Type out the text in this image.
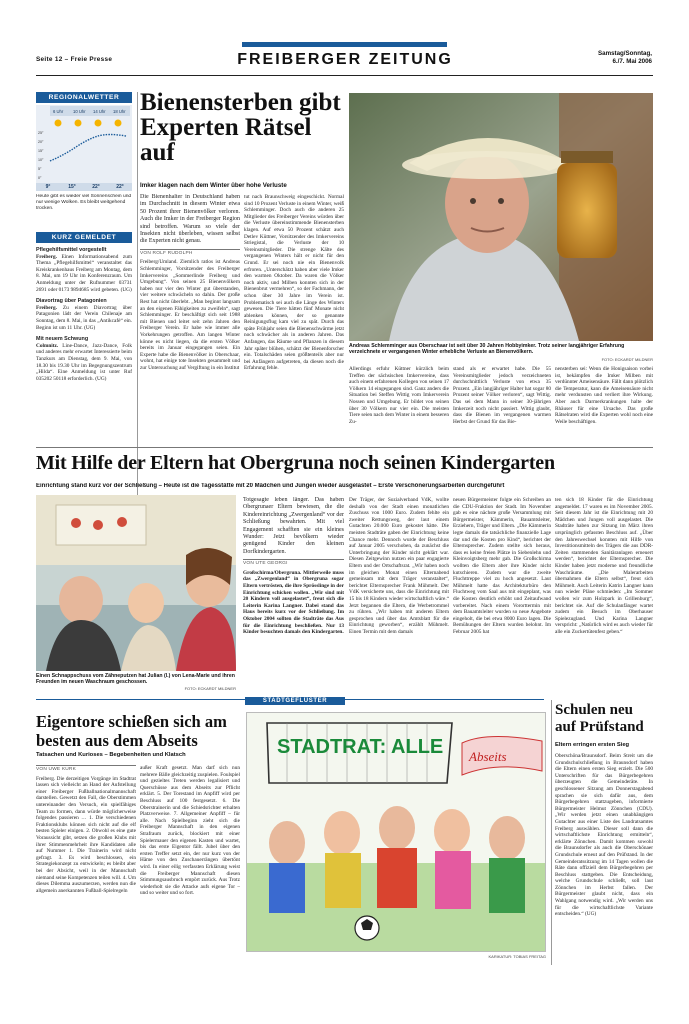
Seite 12 – Freie Presse	FREIBERGER ZEITUNG	Samstag/Sonntag,
6./7. Mai 2006
REGIONALWETTER
6 Uhr 10 Uhr 14 Uhr 18 Uhr
25°
20°
15°
10°
5°
0°
9°	15°	22°	22°
Heute gibt es wieder viel Sonnenschein und nur wenige Wolken. Es bleibt weitgehend trocken.
KURZ GEMELDET

Pflegehilfsmittel vorgestellt
Freiberg. Einen Informationsabend zum Thema „Pflegehilfsmittel“ veranstaltet das Kreiskrankenhaus Freiberg am Montag, dem 8. Mai, um 19 Uhr im Konferenzraum. Um Anmeldung unter der Rufnummer 03731 2691 oder 0173 9894685 wird gebeten. (UG)

Diavortrag über Patagonien
Freiberg. Zu einem Diavortrag über Patagonien lädt der Verein Chilenaje am Sonntag, dem 8. Mai, in das „Antikcafé“ ein. Beginn ist um 11 Uhr. (UG)

Mit neuem Schwung
Colmnitz. Line-Dance, Jazz-Dance, Folk und anderes mehr erwartet Interessierte beim Tanzkurs am Dienstag, dem 9. Mai, von 18.30 bis 19.30 Uhr im Begegnungszentrum „Hilda“. Eine Anmeldung ist unter Ruf 035202 50118 erforderlich. (UG)

Bienensterben gibt Experten Rätsel auf
Imker klagen nach dem Winter über hohe Verluste

Die Bienenhalter in Deutschland haben im Durchschnitt in diesem Winter etwa 50 Prozent ihrer Bienenvölker verloren. Auch die Imker in der Freiberger Region sind betroffen. Warum so viele der Insekten nicht überleben, wissen selbst die Experten nicht genau.

VON ROLF RUDOLPH

Freiberg/Umland. Ziemlich ratlos ist Andreas Schlemminger, Vorsitzender des Freiberger Imkervereins „Sommerlinde Freiberg und Umgebung“. Von seinen 25 Bienenvölkern haben nur vier den Winter gut überstanden, vier weitere schwächeln so dahin. Der große Rest hat nicht überlebt. „Man beginnt langsam an den eigenen Fähigkeiten zu zweifeln“, sagt Schlemminger. Er beschäftigt sich seit 1988 mit Bienen und leitet seit zehn Jahren den Freiberger Verein. Er habe wie immer alle Vorkehrungen getroffen. Am langen Winter könne es nicht liegen, da die ersten Völker bereits im Januar eingegangen seien. Ein Experte habe die Bienenvölker in Oberschaar, wohnt, hat einige tote Insekten gesammelt und zur Untersuchung auf Vergiftung in ein Institut

tut nach Braunschweig eingeschickt. Normal sind 10 Prozent Verluste in einem Winter, weiß Schlemminger. Doch auch die anderen 25 Mitglieder des Freiberger Vereins würden über die Verluste übereinstimmende Bienensterben klagen. Auf etwa 50 Prozent schätzt auch Detlev Küttner, Vorsitzender des Imkervereins Striegistal, die Verluste der 10 Vereinsmitglieder. Die strenge Kälte des vergangenen Winters hält er nicht für den Grund. Er sei noch nie ein Bienenvolk erfroren. „Unterschätzt haben aber viele Imker den warmen Oktober. Da waren die Völker noch aktiv, und Milben konnten sich in der Bienenbrut vermehren“, so der Fachmann, der schon über 30 Jahre im Verein ist. Problematisch sei auch die Länge des Winters gewesen. Die Tiere hätten fünf Monate nicht ablenken können, der so genannte Reinigungsflug kam viel zu spät. Durch das späte Frühjahr seien die Bienenschwärme jetzt noch schwächer als in anderen Jahren. Das Anfangen, das Räume und Pflanzen in diesem Jahr später blühen, schätzt der Bienenforscher ein. Totalschäden seien größtenteils aber nur bei Anfängern aufgetreten, da diesen noch die Erfahrung fehle.

Andreas Schlemminger aus Oberschaar ist seit über 30 Jahren Hobbyimker. Trotz seiner langjähriger Erfahrung verzeichnete er vergangenen Winter erhebliche Verluste an Bienenvölkern.
FOTO: ECKARDT MILDNER

Allerdings erfuhr Küttner kürzlich beim Treffen der sächsischen Imkervereine, dass auch einem erfahrenen Kollegen von seinen 17 Völkern 14 eingegangen sind. Ganz anders die Situation bei Steffen Wittig vom Imkerverein Nossen und Umgebung. Er bildet von seinen über 30 Völkern nur vier ein. Die meisten Tiere seien nach dem Winter in einem besseren Zu-

stand als er erwartet habe. Die 55 Vereinsmitglieder jedoch verzeichneten durchschnittlich Verluste von etwa 35 Prozent. „Ein langjähriger Halter hat sogar 80 Prozent seiner Völker verloren“, sagt Wittig. Das sei dem Mann in seiner 30-jährigen Imkerzeit noch nicht passiert. Wittig glaubt, dass die Bienen im vergangenen warmen Herbst der Grund für das Bie-

nensterben sei: Wenn die Honigsaison vorbei ist, bekämpfen die Imker Milben mit verdünnter Ameisensäure. Fällt dann plötzlich die Temperatur, kann die Ameisensäure nicht mehr verdunsten und verliert ihre Wirkung. Aber auch Darmerkrankungen halte der Rhäuser für eine Ursache. Das große Rätselraten wird die Experten wohl noch eine Weile beschäftigen.

Mit Hilfe der Eltern hat Obergruna noch seinen Kindergarten
Einrichtung stand kurz vor der Schließung – Heute ist die Tagesstätte mit 20 Mädchen und Jungen wieder ausgelastet – Erste Verschönerungsarbeiten durchgeführt
Einen Schnappschuss vom Zähneputzen hat Julian (l.) von Lena-Marie und ihren Freunden im neuen Waschraum geschossen.
FOTO: ECKARDT MILDNER

Totgesagte leben länger. Das haben Obergrunaer Eltern bewiesen, die die Kindereinrichtung „Zwergenland“ vor der Schließung bewahrten. Mit viel Engagement schafften sie ein kleines Wunder: Jetzt bevölkern wieder genügend Kinder den kleinen Dorfkindergarten.

VON UTE GEORGI

Großschirma/Obergruna. Mittlerweile muss das „Zwergenland“ in Obergruna sogar Eltern vertrösten, die ihre Sprösslinge in der Einrichtung schicken wollen. „Wir sind mit 20 Kindern voll ausgelastet“, freut sich die Leiterin Karina Langner. Dabei stand das Haus bereits kurz vor der Schließung. Im Oktober 2004 sollten die Stadträte das Aus für die Einrichtung beschließen. Nur 13 Kinder besuchten damals den Kindergarten.

Der Träger, der Sozialverband VdK, wollte deshalb von der Stadt einen monatlichen Zuschuss von 1000 Euro. Zudem fehlte ein zweiter Rettungsweg, der laut einem Gutachten 20.000 Euro gekostet hätte. Die meisten Stadträte gaben der Einrichtung keine Chance mehr. Dennoch wurde der Beschluss auf Januar 2005 verschoben, da zunächst die Unterbringung der Kinder nicht geklärt war. Diesen Zeitgewinn nutzen ein paar engagierte Eltern und der Ortschaftsrat. „Wir haben noch im gleichen Monat einen Elternabend gemeinsam mit dem Träger veranstaltet“, berichtet Elternsprecher Frank Mühmelt. Der VdK versicherte uns, dass die Einrichtung mit 15 bis 18 Kindern wieder wirtschaftlich wäre.“ Jetzt begannen die Eltern, die Werbetrommel zu rühren. „Wir haben mit anderen Eltern gesprochen und über das Amtsblatt für die Einrichtung geworben“, erzählt Mühmelt. Einen Termin mit dem damals

neuen Bürgermeister folgte ein Schreiben an die CDU-Fraktion der Stadt. Im November gab es eine nächste große Versammlung mit Bürgermeister, Kämmerin, Bauamtsleiter, Erziehern, Träger und Eltern. „Die Kämmerin legte damals die tatsächliche finanzielle Lage dar und die Kosten pro Kind“, berichtet der Elternsprecher. Zudem stellte sich heraus, dass es keine freien Plätze in Siebenlehn und Kleinvoigtsberg mehr gab. Die Großschirma wollten die Eltern aber ihre Kinder nicht kutschieren. Zudem war die zweite Fluchttreppe viel zu hoch angesetzt. Laut Mühmelt hatte das Architekturbüro den Fluchtweg vom Saal aus mit eingeplant, was die Kosten deutlich erhöht und Zeitaufwand vorbereitet. Nach einem Vororttermin mit dem Bauamtsleiter wurden so neue Angebote eingeholt, die bei etwa 8000 Euro lagen. Die Bemühungen der Eltern wurden belohnt. Im Februar 2005 hat

ten sich 18 Kinder für die Einrichtung angemeldet. 17 waren es im November 2005. Seit diesem Jahr ist die Einrichtung mit 20 Mädchen und Jungen voll ausgelastet. Die Stadträte haben zur Sitzung im März ihren ursprünglich gefassten Beschluss auf. „Über den Jahreswechsel konnten mit Hilfe von Investitionsmitteln des Trägers die aus DDR-Zeiten stammenden Sanitäranlagen erneuert werden“, berichtet der Elternsprecher. Die Kinder haben jetzt moderne und freundliche Waschräume. „Die Malerarbeiten übernahmen die Eltern selbst“, freut sich Mühmelt. Auch Leiterin Katrin Langner kann nun wieder Pläne schmieden: „Im Sommer wollen wir zum Holzpark in Grillenburg“, berichtet sie. Auf die Schulanfänger wartet zudem ein Besuch im Oberhauser Spielezugland. Und Karina Langner verspricht: „Natürlich wird es auch wieder für alle ein Zuckertütenfest geben.“

STADTGEFLÜSTER
Eigentore schießen sich am besten aus dem Abseits
Tatsachen und Kurioses – Begebenheiten und Klatsch
VON UWE KURK

Freiberg. Die derzeitigen Vorgänge im Stadtrat lassen sich vielleicht an Hand der Aufstellung einer Freiberger Fußballnationalmannschaft darstellen. Gewetzt den Fall, die Oberstimmen untereinander den Versuch, ein spielfähiges Team zu formen, dann würde möglicherweise folgendes passieren … 1. Die verschiedenen Fraktionsklubs können sich nicht auf die elf besten Spieler einigen. 2. Obwohl es eine gute Voraussicht gibt, setzen die großen Klubs mit ihrer Stimmenmehrheit ihre Kandidaten alle auf Nummer 1. Die Trainerin wird nicht gefragt. 3. Es wird beschlossen, ein Strategiekonzept zu entwickeln; es bleibt aber bei der Absicht, weil in der Mannschaft niemand seine Kompetenzen teilen will. 4. Um dieses Dilemma auszumerzen, werden nun die allgemein anerkannten Fußball-Spielregeln

außer Kraft gesetzt. Man darf sich nun mehrere Bälle gleichzeitig zuspielen. Foulspiel und gezieltes Treten werden legalisiert und Querschüsse aus dem Abseits zur Pflicht erklärt. 5. Der Torestand im Anpfiff wird per Beschluss auf 100 festgesetzt. 6. Die Oberstrainerin und die Schiedsrichter erhalten Platzverweise. 7. Allgemeiner Anpfiff – für alle. Nach Spielbeginn zieht sich die Freiberger Mannschaft in den eigenen Strafraum zurück, blockiert mit einer Spielermauer den eigenen Kasten und wartet, bis das erste Eigentor fällt. Jubel über den ersten Treffer setzt ein, der nur kurz von der Häme von den Zuschauerrängen übertönt wird. In einer eilig verfassten Erklärung weist die Freiberger Mannschaft diesen Stimmungsausbruch empört zurück. Aus Trotz wiederholt sie die Attacke aufs eigene Tor – und so weiter und so fort.

STADTRAT: ALLE Abseits
KARIKATUR: TOBIAS FREITAG
Schulen neu auf Prüfstand
Eltern erringen ersten Sieg
Oberschöna/Braunsdorf. Beim Streit um die Grundschulschließung in Braunsdorf haben die Eltern einen ersten Sieg erzielt. Die 500 Unterschriften für das Bürgerbegehren überzeugten die Gemeinderäte. In geschlossener Sitzung am Donnerstagabend sprachen sie sich dafür aus, dem Bürgerbegehren stattzugeben, informierte Bürgermeister Helmut Zönnchen (CDU). „Wir werden jetzt einen unabhängigen Gutachter aus einer Liste des Landratsamtes Freiberg auswählen. Dieser soll dann die wirtschaftlichste Einrichtung ermitteln“, erklärte Zönnchen. Damit kommen sowohl die Braunsdorfer als auch die Oberschönaer Grundschule erneut auf den Prüfstand. In der Gemeinderatssitzung im 14 Tagen wollen die Räte dann offiziell dem Bürgerbegehren per Beschluss stattgeben. Die Entscheidung, welche Grundschule schließt, soll laut Zönnchen im Herbst fallen. Der Bürgermeister glaubt nicht, dass ein Wahlgang notwendig wird. „Wir werden uns für die wirtschaftlichste Variante entscheiden.“ (UG)
